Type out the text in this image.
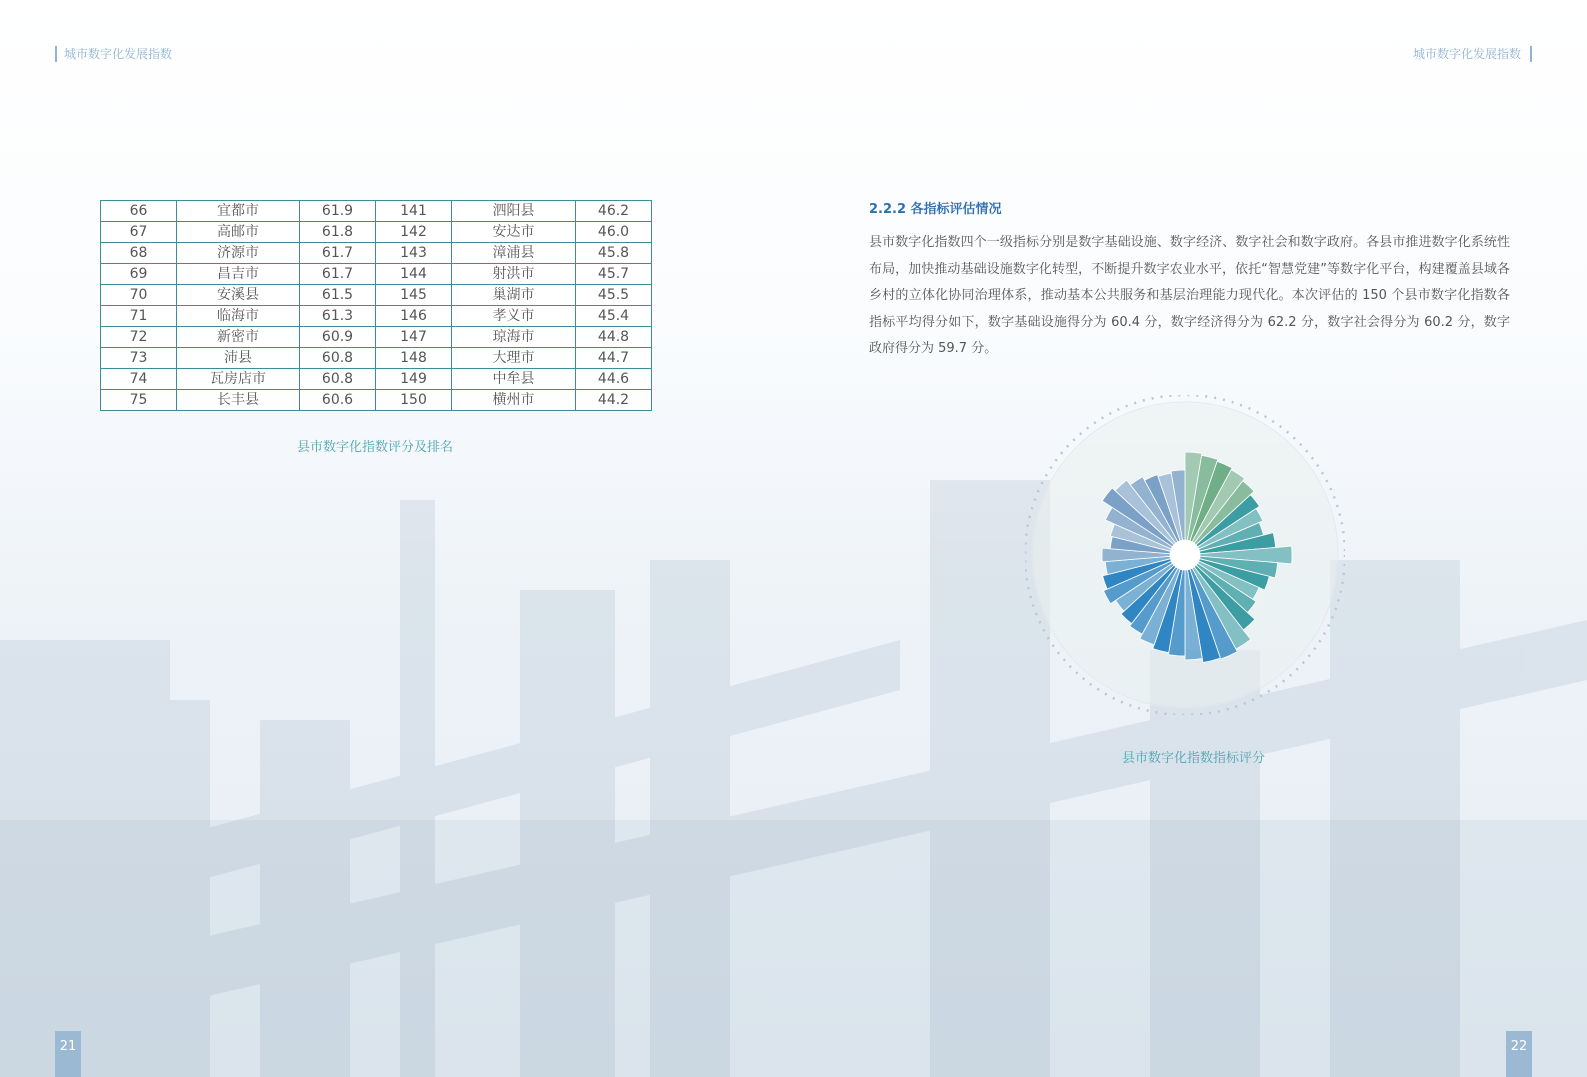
城市数字化发展指数	城市数字化发展指数
66	宜都市	61.9	141	泗阳县	46.2
67	高邮市	61.8	142	安达市	46.0
68	济源市	61.7	143	漳浦县	45.8
69	昌吉市	61.7	144	射洪市	45.7
70	安溪县	61.5	145	巢湖市	45.5
71	临海市	61.3	146	孝义市	45.4
72	新密市	60.9	147	琼海市	44.8
73	沛县	60.8	148	大理市	44.7
74	瓦房店市	60.8	149	中牟县	44.6
75	长丰县	60.6	150	横州市	44.2
县市数字化指数评分及排名
2.2.2 各指标评估情况

县市数字化指数四个一级指标分别是数字基础设施、数字经济、数字社会和数字政府。各县市推进数字化系统性布局，加快推动基础设施数字化转型，不断提升数字农业水平，依托“智慧党建”等数字化平台，构建覆盖县域各乡村的立体化协同治理体系，推动基本公共服务和基层治理能力现代化。本次评估的 150 个县市数字化指数各指标平均得分如下，数字基础设施得分为 60.4 分，数字经济得分为 62.2 分，数字社会得分为 60.2 分，数字政府得分为 59.7 分。

县市数字化指数指标评分
21	22
